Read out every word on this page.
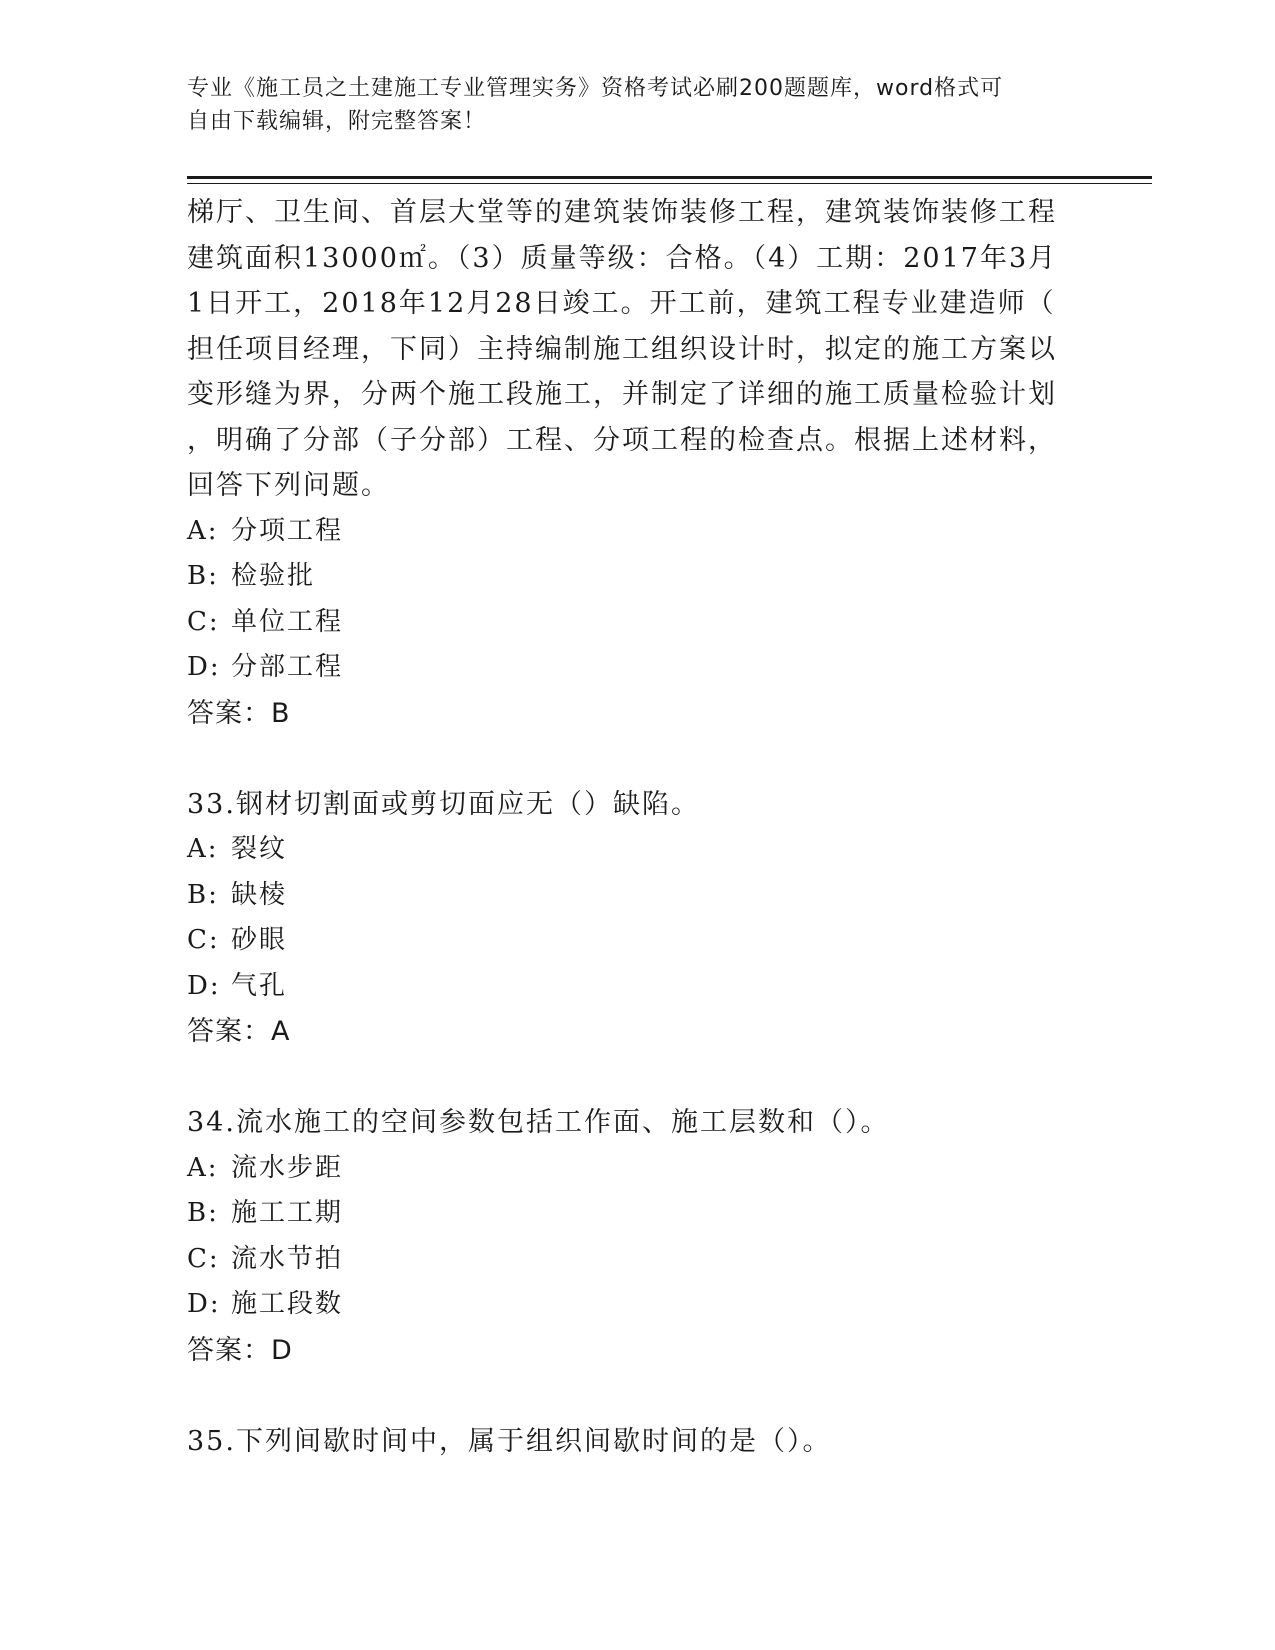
专业《施工员之土建施工专业管理实务》资格考试必刷200题题库，word格式可
自由下载编辑，附完整答案！

梯厅、卫生间、首层大堂等的建筑装饰装修工程，建筑装饰装修工程

建筑面积13000㎡。（3）质量等级：合格。（4）工期：2017年3月

1日开工，2018年12月28日竣工。开工前，建筑工程专业建造师（

担任项目经理，下同）主持编制施工组织设计时，拟定的施工方案以

变形缝为界，分两个施工段施工，并制定了详细的施工质量检验计划

，明确了分部（子分部）工程、分项工程的检查点。根据上述材料，

回答下列问题。

A: 分项工程

B: 检验批

C: 单位工程

D: 分部工程

答案：B

33.钢材切割面或剪切面应无（）缺陷。

A: 裂纹

B: 缺棱

C: 砂眼

D: 气孔

答案：A

34.流水施工的空间参数包括工作面、施工层数和（）。

A: 流水步距

B: 施工工期

C: 流水节拍

D: 施工段数

答案：D

35.下列间歇时间中，属于组织间歇时间的是（）。
